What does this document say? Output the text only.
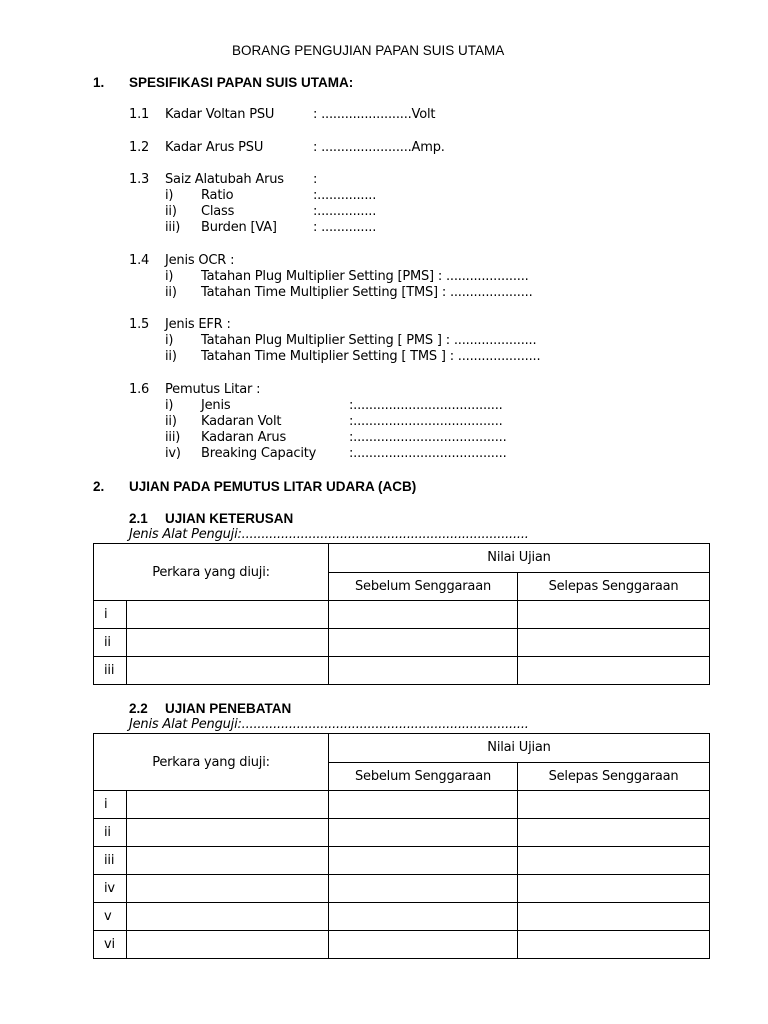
BORANG PENGUJIAN PAPAN SUIS UTAMA
1. SPESIFIKASI PAPAN SUIS UTAMA:
1.1 Kadar Voltan PSU	: .......................Volt
1.2 Kadar Arus PSU	: .......................Amp.
1.3 Saiz Alatubah Arus :
i) Ratio	:...............
ii) Class	:...............
iii) Burden [VA]	: ..............
1.4 Jenis OCR :
i) Tatahan Plug Multiplier Setting [PMS] : .....................
ii) Tatahan Time Multiplier Setting [TMS] : .....................
1.5 Jenis EFR :
i) Tatahan Plug Multiplier Setting [ PMS ] : .....................
ii) Tatahan Time Multiplier Setting [ TMS ] : .....................
1.6 Pemutus Litar :
i) Jenis	:......................................
ii) Kadaran Volt	:......................................
iii) Kadaran Arus	:.......................................
iv) Breaking Capacity	:.......................................
2. UJIAN PADA PEMUTUS LITAR UDARA (ACB)
2.1 UJIAN KETERUSAN
Jenis Alat Penguji:.........................................................................
Perkara yang diuji:		Nilai Ujian	
		Sebelum Senggaraan	Selepas Senggaraan
i			
ii			
iii			
2.2 UJIAN PENEBATAN
Jenis Alat Penguji:.........................................................................
Perkara yang diuji:		Nilai Ujian	
		Sebelum Senggaraan	Selepas Senggaraan
i			
ii			
iii			
iv			
v			
vi			
